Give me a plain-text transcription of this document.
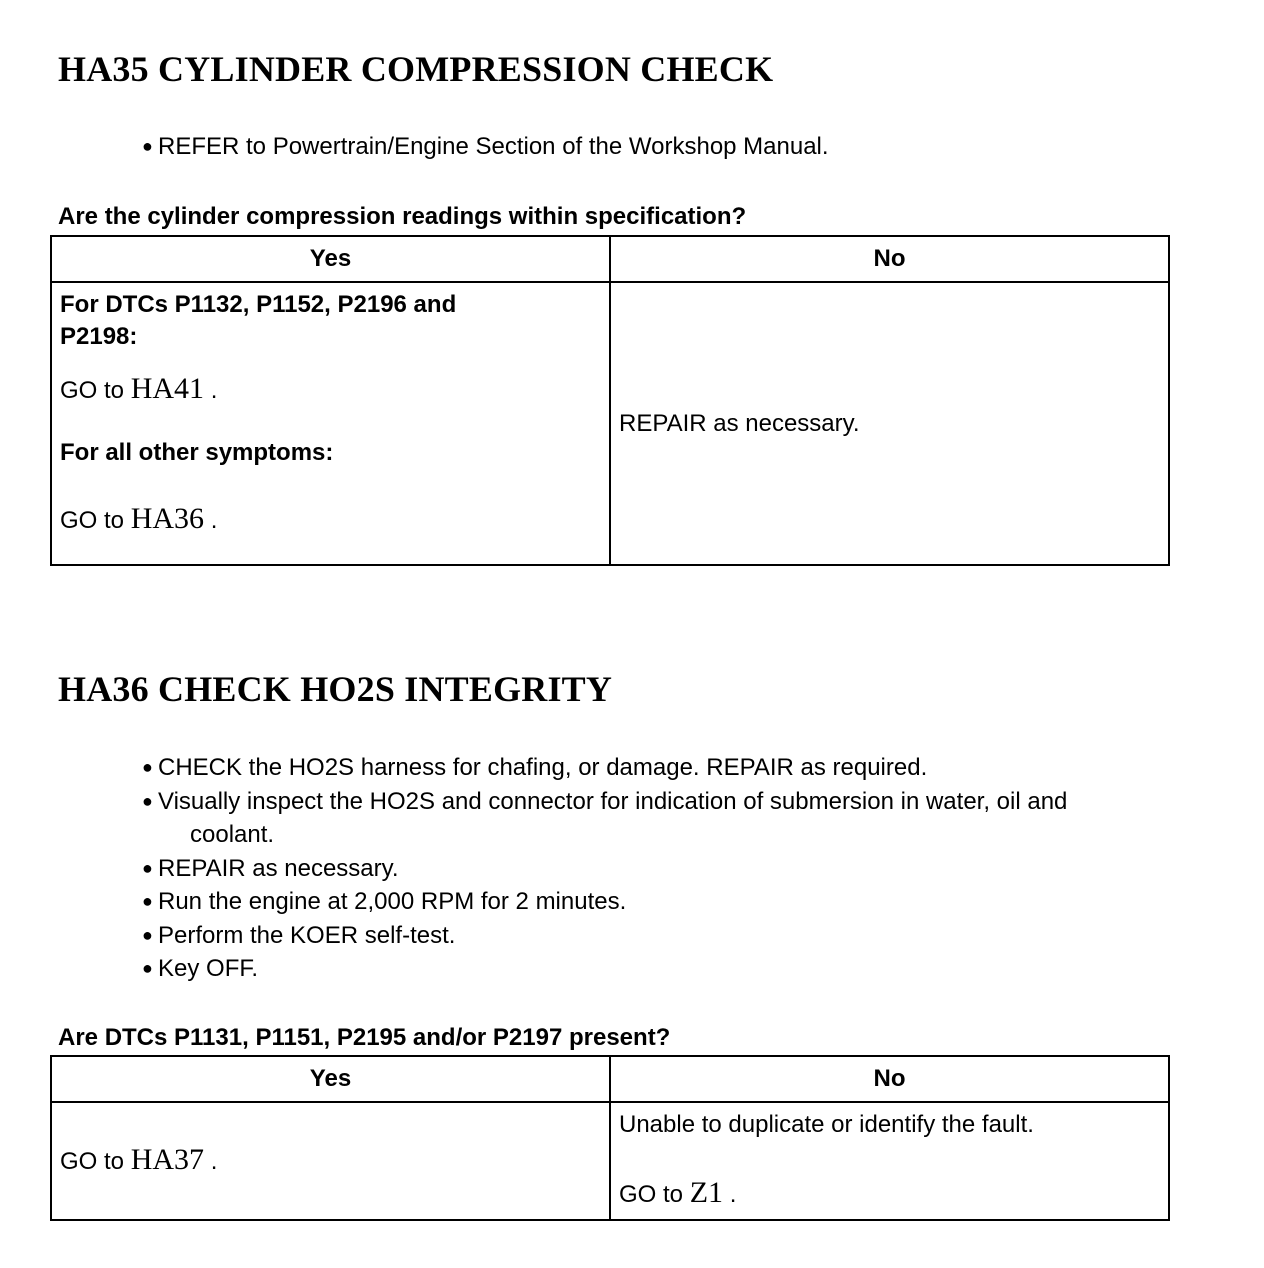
HA35 CYLINDER COMPRESSION CHECK
● REFER to Powertrain/Engine Section of the Workshop Manual.

Are the cylinder compression readings within specification?

Yes	No

For DTCs P1132, P1152, P2196 and P2198:

GO to HA41 .

For all other symptoms:

GO to HA36 .	REPAIR as necessary.

HA36 CHECK HO2S INTEGRITY
● CHECK the HO2S harness for chafing, or damage. REPAIR as required.
● Visually inspect the HO2S and connector for indication of submersion in water, oil and
coolant.
● REPAIR as necessary.
● Run the engine at 2,000 RPM for 2 minutes.
● Perform the KOER self-test.
● Key OFF.

Are DTCs P1131, P1151, P2195 and/or P2197 present?

Yes	No

GO to HA37 .	Unable to duplicate or identify the fault.

GO to Z1 .
